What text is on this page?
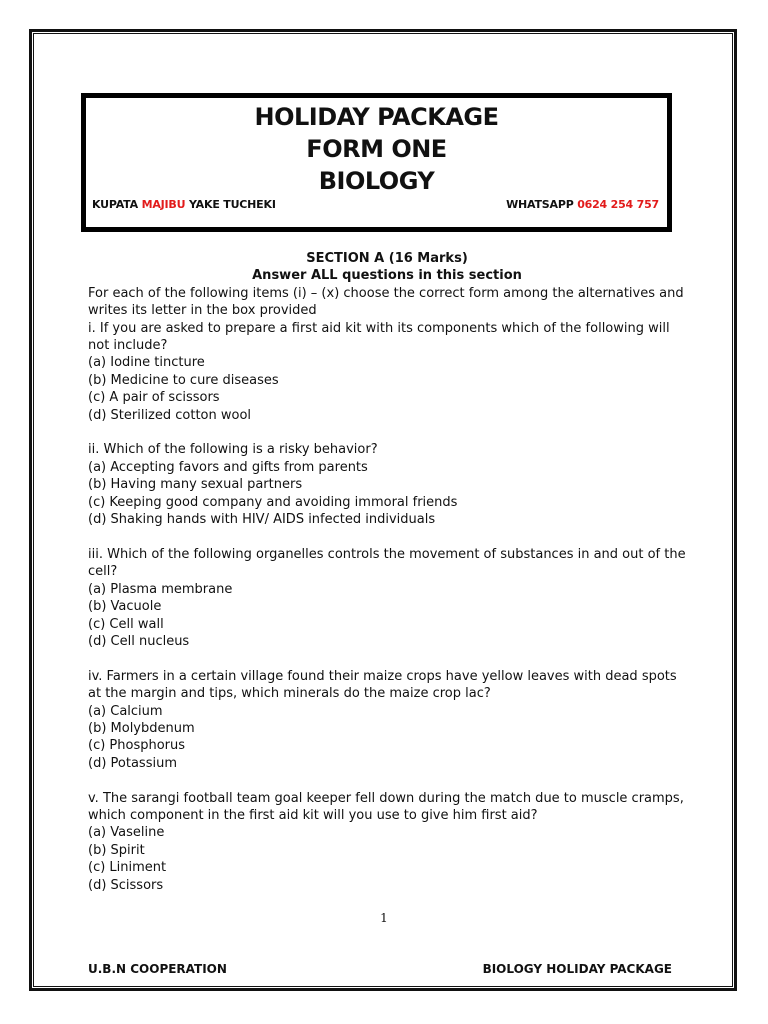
HOLIDAY PACKAGE
FORM ONE
BIOLOGY
KUPATA MAJIBU YAKE TUCHEKI	WHATSAPP 0624 254 757
SECTION A (16 Marks)
Answer ALL questions in this section
For each of the following items (i) – (x) choose the correct form among the alternatives and writes its letter in the box provided
i. If you are asked to prepare a first aid kit with its components which of the following will not include?
(a) Iodine tincture
(b) Medicine to cure diseases
(c) A pair of scissors
(d) Sterilized cotton wool
ii. Which of the following is a risky behavior?
(a) Accepting favors and gifts from parents
(b) Having many sexual partners
(c) Keeping good company and avoiding immoral friends
(d) Shaking hands with HIV/ AIDS infected individuals
iii. Which of the following organelles controls the movement of substances in and out of the cell?
(a) Plasma membrane
(b) Vacuole
(c) Cell wall
(d) Cell nucleus
iv. Farmers in a certain village found their maize crops have yellow leaves with dead spots at the margin and tips, which minerals do the maize crop lac?
(a) Calcium
(b) Molybdenum
(c) Phosphorus
(d) Potassium
v. The sarangi football team goal keeper fell down during the match due to muscle cramps, which component in the first aid kit will you use to give him first aid?
(a) Vaseline
(b) Spirit
(c) Liniment
(d) Scissors
1
U.B.N COOPERATION	BIOLOGY HOLIDAY PACKAGE
